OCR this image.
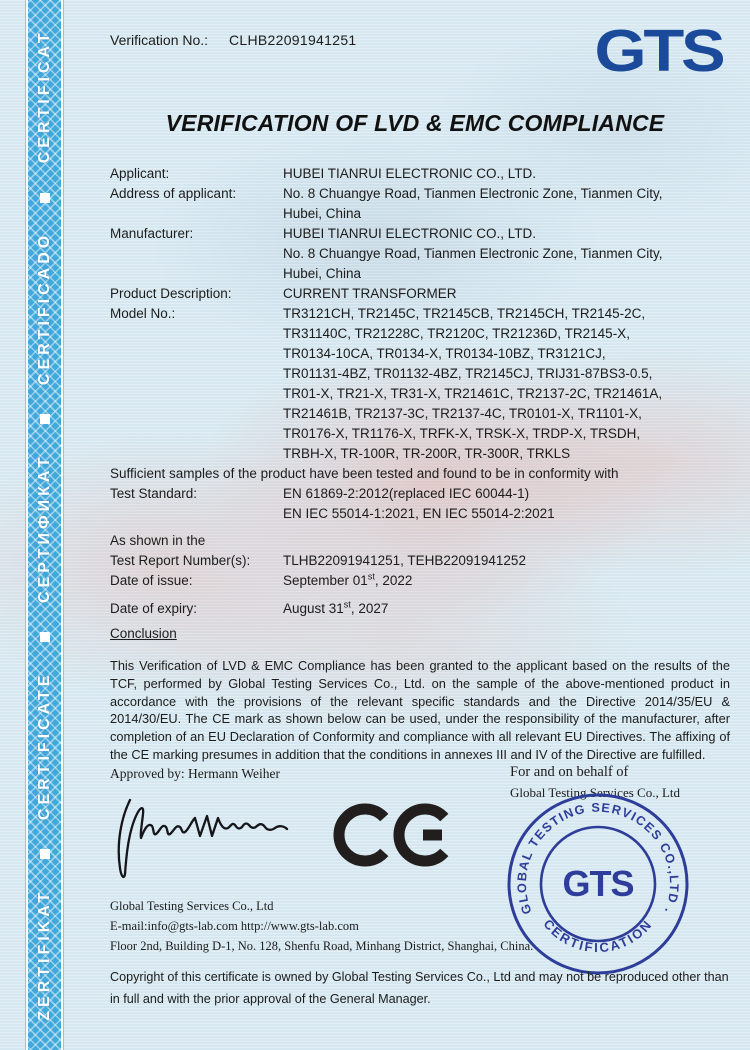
ZERTIFIKAT
CERTIFICATE
СЕРТИФИКАТ
CERTIFICADO
CERTIFICAT	Verification No.:	CLHB22091941251	GTS
VERIFICATION OF LVD & EMC COMPLIANCE
Applicant:	HUBEI TIANRUI ELECTRONIC CO., LTD.
Address of applicant:	No. 8 Chuangye Road, Tianmen Electronic Zone, Tianmen City,
Hubei, China
Manufacturer:	HUBEI TIANRUI ELECTRONIC CO., LTD.
No. 8 Chuangye Road, Tianmen Electronic Zone, Tianmen City,
Hubei, China
Product Description:	CURRENT TRANSFORMER
Model No.:	TR3121CH, TR2145C, TR2145CB, TR2145CH, TR2145-2C,
TR31140C, TR21228C, TR2120C, TR21236D, TR2145-X,
TR0134-10CA, TR0134-X, TR0134-10BZ, TR3121CJ,
TR01131-4BZ, TR01132-4BZ, TR2145CJ, TRIJ31-87BS3-0.5,
TR01-X, TR21-X, TR31-X, TR21461C, TR2137-2C, TR21461A,
TR21461B, TR2137-3C, TR2137-4C, TR0101-X, TR1101-X,
TR0176-X, TR1176-X, TRFK-X, TRSK-X, TRDP-X, TRSDH,
TRBH-X, TR-100R, TR-200R, TR-300R, TRKLS
Sufficient samples of the product have been tested and found to be in conformity with
Test Standard:	EN 61869-2:2012(replaced IEC 60044-1)
EN IEC 55014-1:2021, EN IEC 55014-2:2021
As shown in the
Test Report Number(s):	TLHB22091941251, TEHB22091941252
Date of issue:	September 01st, 2022
Date of expiry:	August 31st, 2027
Conclusion
This Verification of LVD & EMC Compliance has been granted to the applicant based on the results of the TCF, performed by Global Testing Services Co., Ltd. on the sample of the above-mentioned product in accordance with the provisions of the relevant specific standards and the Directive 2014/35/EU & 2014/30/EU. The CE mark as shown below can be used, under the responsibility of the manufacturer, after completion of an EU Declaration of Conformity and compliance with all relevant EU Directives. The affixing of the CE marking presumes in addition that the conditions in annexes III and IV of the Directive are fulfilled.
Approved by: Hermann Weiher	For and on behalf of
Global Testing Services Co., Ltd
GLOBAL TESTING SERVICES CO.,LTD .
CERTIFICATION
GTS
Global Testing Services Co., Ltd
E-mail:info@gts-lab.com http://www.gts-lab.com
Floor 2nd, Building D-1, No. 128, Shenfu Road, Minhang District, Shanghai, China.
Copyright of this certificate is owned by Global Testing Services Co., Ltd and may not be reproduced other than in full and with the prior approval of the General Manager.
